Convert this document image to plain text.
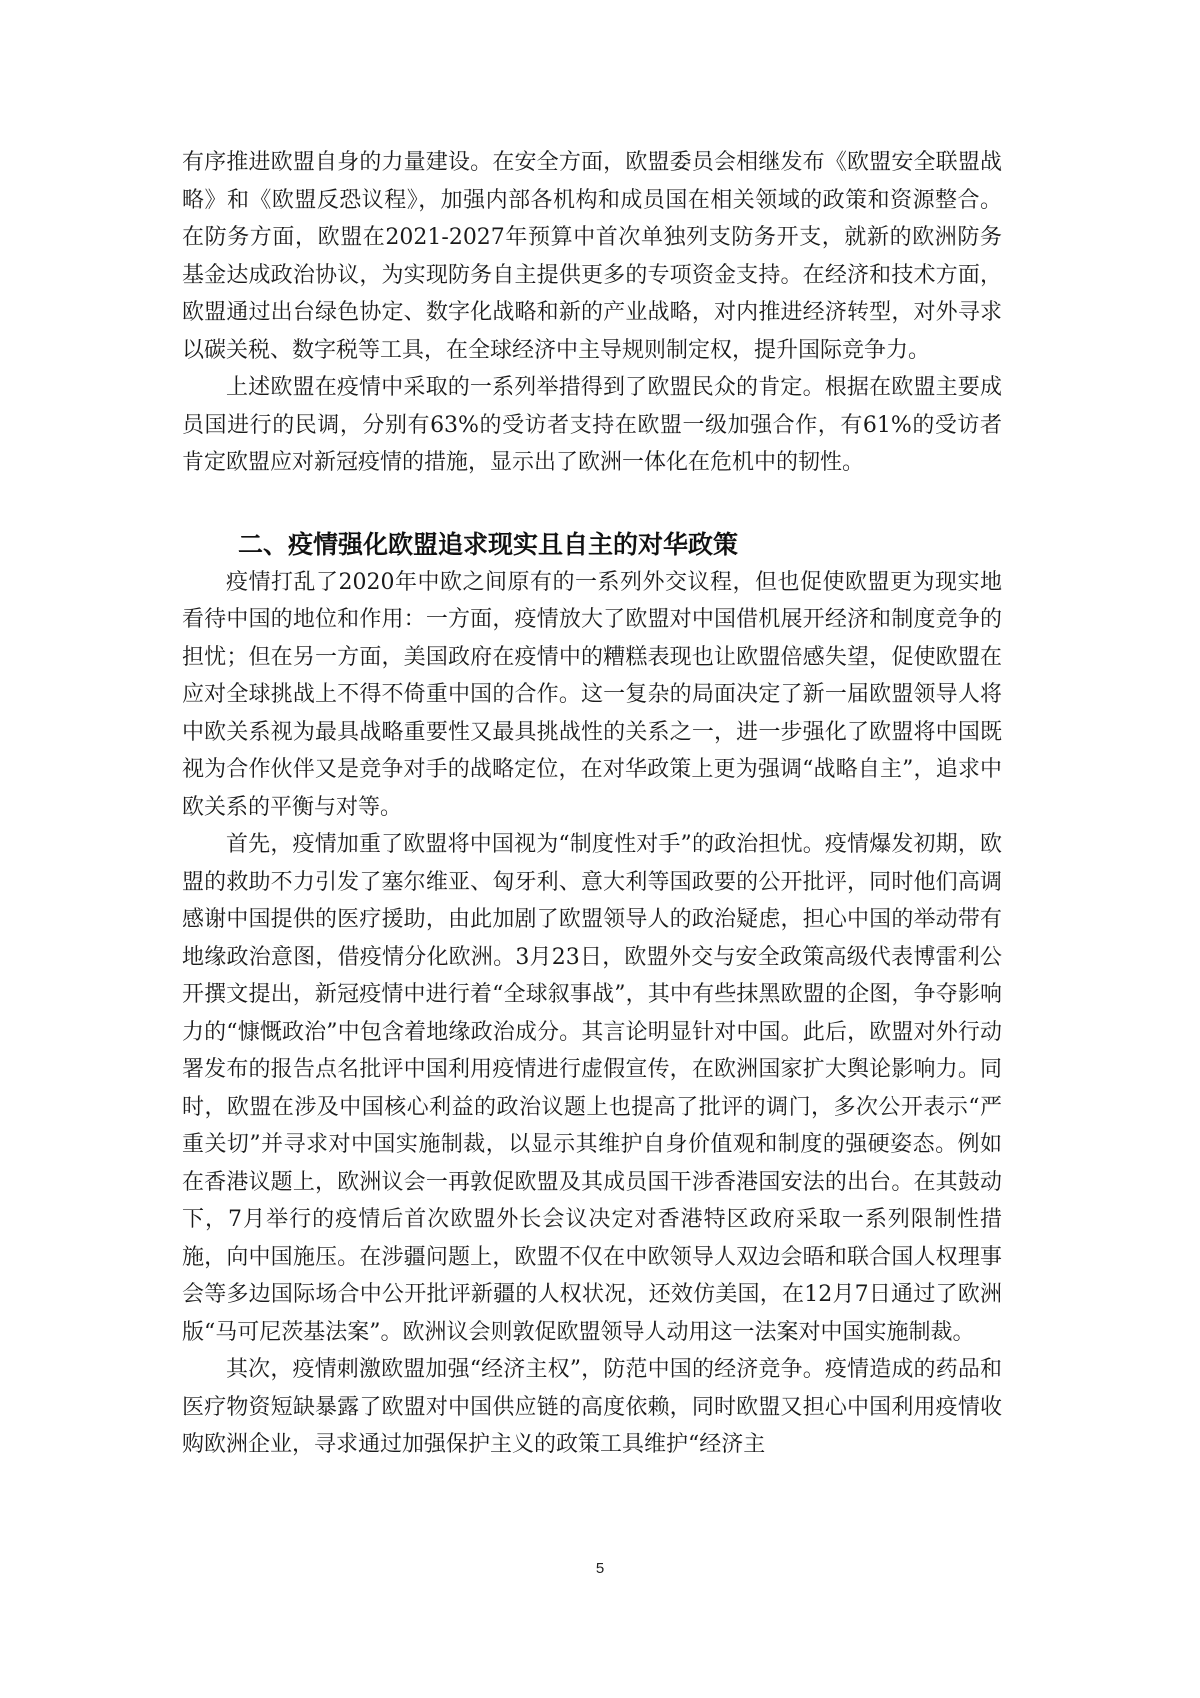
有序推进欧盟自身的力量建设。在安全方面，欧盟委员会相继发布《欧盟安全联盟战略》和《欧盟反恐议程》，加强内部各机构和成员国在相关领域的政策和资源整合。在防务方面，欧盟在2021-2027年预算中首次单独列支防务开支，就新的欧洲防务基金达成政治协议，为实现防务自主提供更多的专项资金支持。在经济和技术方面，欧盟通过出台绿色协定、数字化战略和新的产业战略，对内推进经济转型，对外寻求以碳关税、数字税等工具，在全球经济中主导规则制定权，提升国际竞争力。

上述欧盟在疫情中采取的一系列举措得到了欧盟民众的肯定。根据在欧盟主要成员国进行的民调，分别有63%的受访者支持在欧盟一级加强合作，有61%的受访者肯定欧盟应对新冠疫情的措施，显示出了欧洲一体化在危机中的韧性。

二、疫情强化欧盟追求现实且自主的对华政策

疫情打乱了2020年中欧之间原有的一系列外交议程，但也促使欧盟更为现实地看待中国的地位和作用：一方面，疫情放大了欧盟对中国借机展开经济和制度竞争的担忧；但在另一方面，美国政府在疫情中的糟糕表现也让欧盟倍感失望，促使欧盟在应对全球挑战上不得不倚重中国的合作。这一复杂的局面决定了新一届欧盟领导人将中欧关系视为最具战略重要性又最具挑战性的关系之一，进一步强化了欧盟将中国既视为合作伙伴又是竞争对手的战略定位，在对华政策上更为强调“战略自主”，追求中欧关系的平衡与对等。

首先，疫情加重了欧盟将中国视为“制度性对手”的政治担忧。疫情爆发初期，欧盟的救助不力引发了塞尔维亚、匈牙利、意大利等国政要的公开批评，同时他们高调感谢中国提供的医疗援助，由此加剧了欧盟领导人的政治疑虑，担心中国的举动带有地缘政治意图，借疫情分化欧洲。3月23日，欧盟外交与安全政策高级代表博雷利公开撰文提出，新冠疫情中进行着“全球叙事战”，其中有些抹黑欧盟的企图，争夺影响力的“慷慨政治”中包含着地缘政治成分。其言论明显针对中国。此后，欧盟对外行动署发布的报告点名批评中国利用疫情进行虚假宣传，在欧洲国家扩大舆论影响力。同时，欧盟在涉及中国核心利益的政治议题上也提高了批评的调门，多次公开表示“严重关切”并寻求对中国实施制裁，以显示其维护自身价值观和制度的强硬姿态。例如在香港议题上，欧洲议会一再敦促欧盟及其成员国干涉香港国安法的出台。在其鼓动下，7月举行的疫情后首次欧盟外长会议决定对香港特区政府采取一系列限制性措施，向中国施压。在涉疆问题上，欧盟不仅在中欧领导人双边会晤和联合国人权理事会等多边国际场合中公开批评新疆的人权状况，还效仿美国，在12月7日通过了欧洲版“马可尼茨基法案”。欧洲议会则敦促欧盟领导人动用这一法案对中国实施制裁。

其次，疫情刺激欧盟加强“经济主权”，防范中国的经济竞争。疫情造成的药品和医疗物资短缺暴露了欧盟对中国供应链的高度依赖，同时欧盟又担心中国利用疫情收购欧洲企业，寻求通过加强保护主义的政策工具维护“经济主

5
